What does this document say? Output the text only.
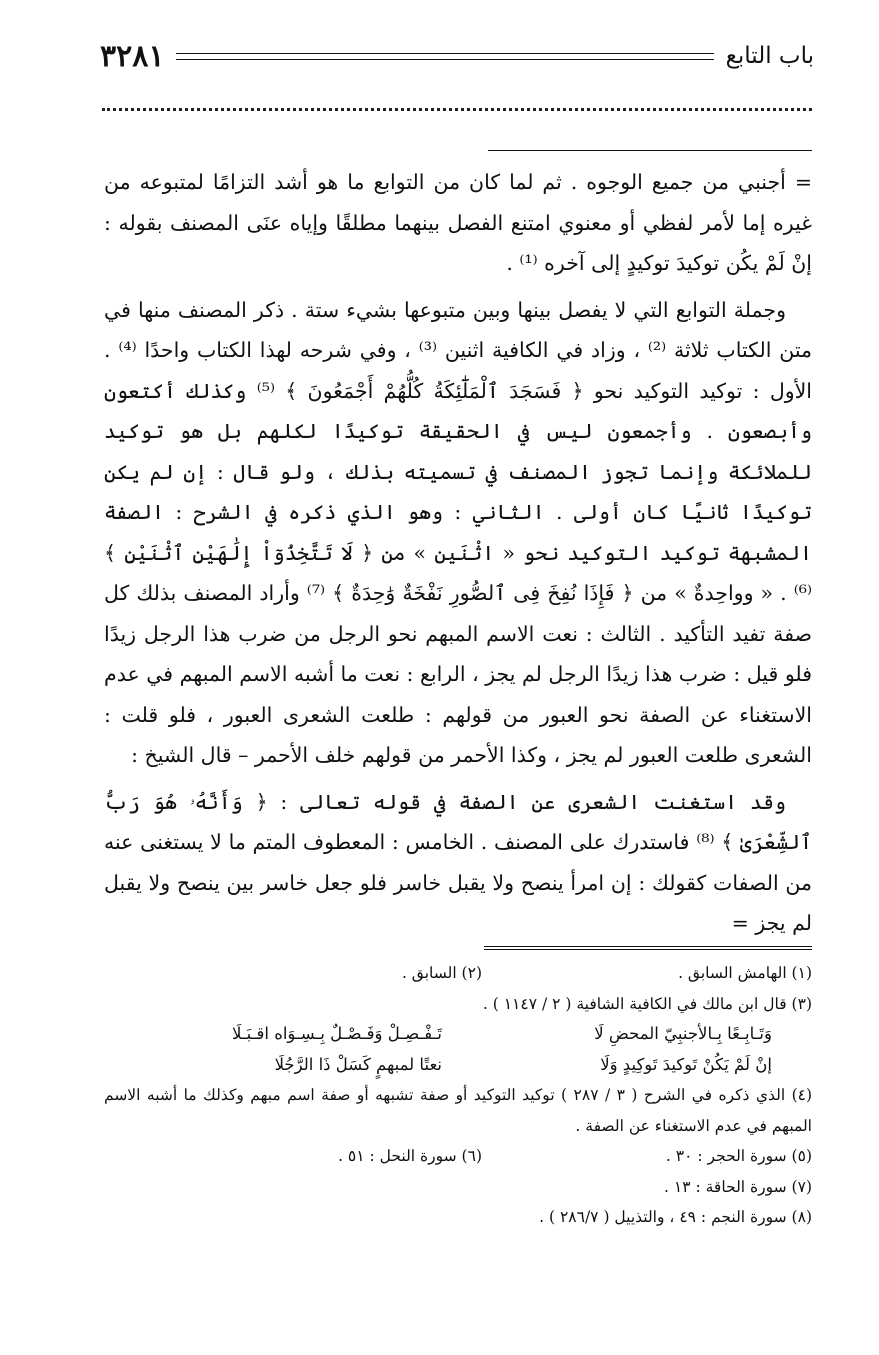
باب التابع
٣٢٨١

= أجنبي من جميع الوجوه . ثم لما كان من التوابع ما هو أشد التزامًا لمتبوعه من غيره إما لأمر لفظي أو معنوي امتنع الفصل بينهما مطلقًا وإياه عنَى المصنف بقوله : إنْ لَمْ يكُن توكيدَ توكيدٍ إلى آخره ⁽¹⁾ .

وجملة التوابع التي لا يفصل بينها وبين متبوعها بشيء ستة . ذكر المصنف منها في متن الكتاب ثلاثة ⁽²⁾ ، وزاد في الكافية اثنين ⁽³⁾ ، وفي شرحه لهذا الكتاب واحدًا ⁽⁴⁾ . الأول : توكيد التوكيد نحو ﴿ فَسَجَدَ ٱلْمَلَٰٓئِكَةُ كُلُّهُمْ أَجْمَعُونَ ﴾ ⁽⁵⁾ وكذلك أكتعون وأبصعون . وأجمعون ليس في الحقيقة توكيدًا لكلهم بل هو توكيد للملائكة وإنما تجوز المصنف في تسميته بذلك ، ولو قال : إن لم يكن توكيدًا ثانيًا كان أولى . الثاني : وهو الذي ذكره في الشرح : الصفة المشبهة توكيد التوكيد نحو « اثْنَين » من ﴿ لَا تَتَّخِذُوٓاْ إِلَٰهَيْنِ ٱثْنَيْنِ ﴾ ⁽⁶⁾ . « وواحِدةٌ » من ﴿ فَإِذَا نُفِخَ فِى ٱلصُّورِ نَفْخَةٌ وَٰحِدَةٌ ﴾ ⁽⁷⁾ وأراد المصنف بذلك كل صفة تفيد التأكيد . الثالث : نعت الاسم المبهم نحو الرجل من ضرب هذا الرجل زيدًا فلو قيل : ضرب هذا زيدًا الرجل لم يجز ، الرابع : نعت ما أشبه الاسم المبهم في عدم الاستغناء عن الصفة نحو العبور من قولهم : طلعت الشعرى العبور ، فلو قلت : الشعرى طلعت العبور لم يجز ، وكذا الأحمر من قولهم خلف الأحمر – قال الشيخ :

وقد استغنت الشعرى عن الصفة في قوله تعالى : ﴿ وَأَنَّهُۥ هُوَ رَبُّ ٱلشِّعْرَىٰ ﴾ ⁽⁸⁾ فاستدرك على المصنف . الخامس : المعطوف المتم ما لا يستغنى عنه من الصفات كقولك : إن امرأ ينصح ولا يقبل خاسر فلو جعل خاسر بين ينصح ولا يقبل لم يجز =

(١) الهامش السابق .
(٢) السابق .
(٣) قال ابن مالك في الكافية الشافية ( ٢ / ١١٤٧ ) .
وَتَـابِـعًا بِـالأجنبِيّ المحضِ لَا
تَـفْـصِـلْ وَفَـصْـلٌ بِـسِـوَاه اقـبَـلَا
إنْ لَمْ يَكُنْ تَوكيدَ تَوكِيدٍ وَلَا
نعتًا لمبهمٍ كَسَلْ ذَا الرَّجُلَا
(٤) الذي ذكره في الشرح ( ٣ / ٢٨٧ ) توكيد التوكيد أو صفة تشبهه أو صفة اسم مبهم وكذلك ما أشبه الاسم المبهم في عدم الاستغناء عن الصفة .
(٥) سورة الحجر : ٣٠ .
(٦) سورة النحل : ٥١ .
(٧) سورة الحاقة : ١٣ .
(٨) سورة النجم : ٤٩ ، والتذييل ( ٢٨٦/٧ ) .
